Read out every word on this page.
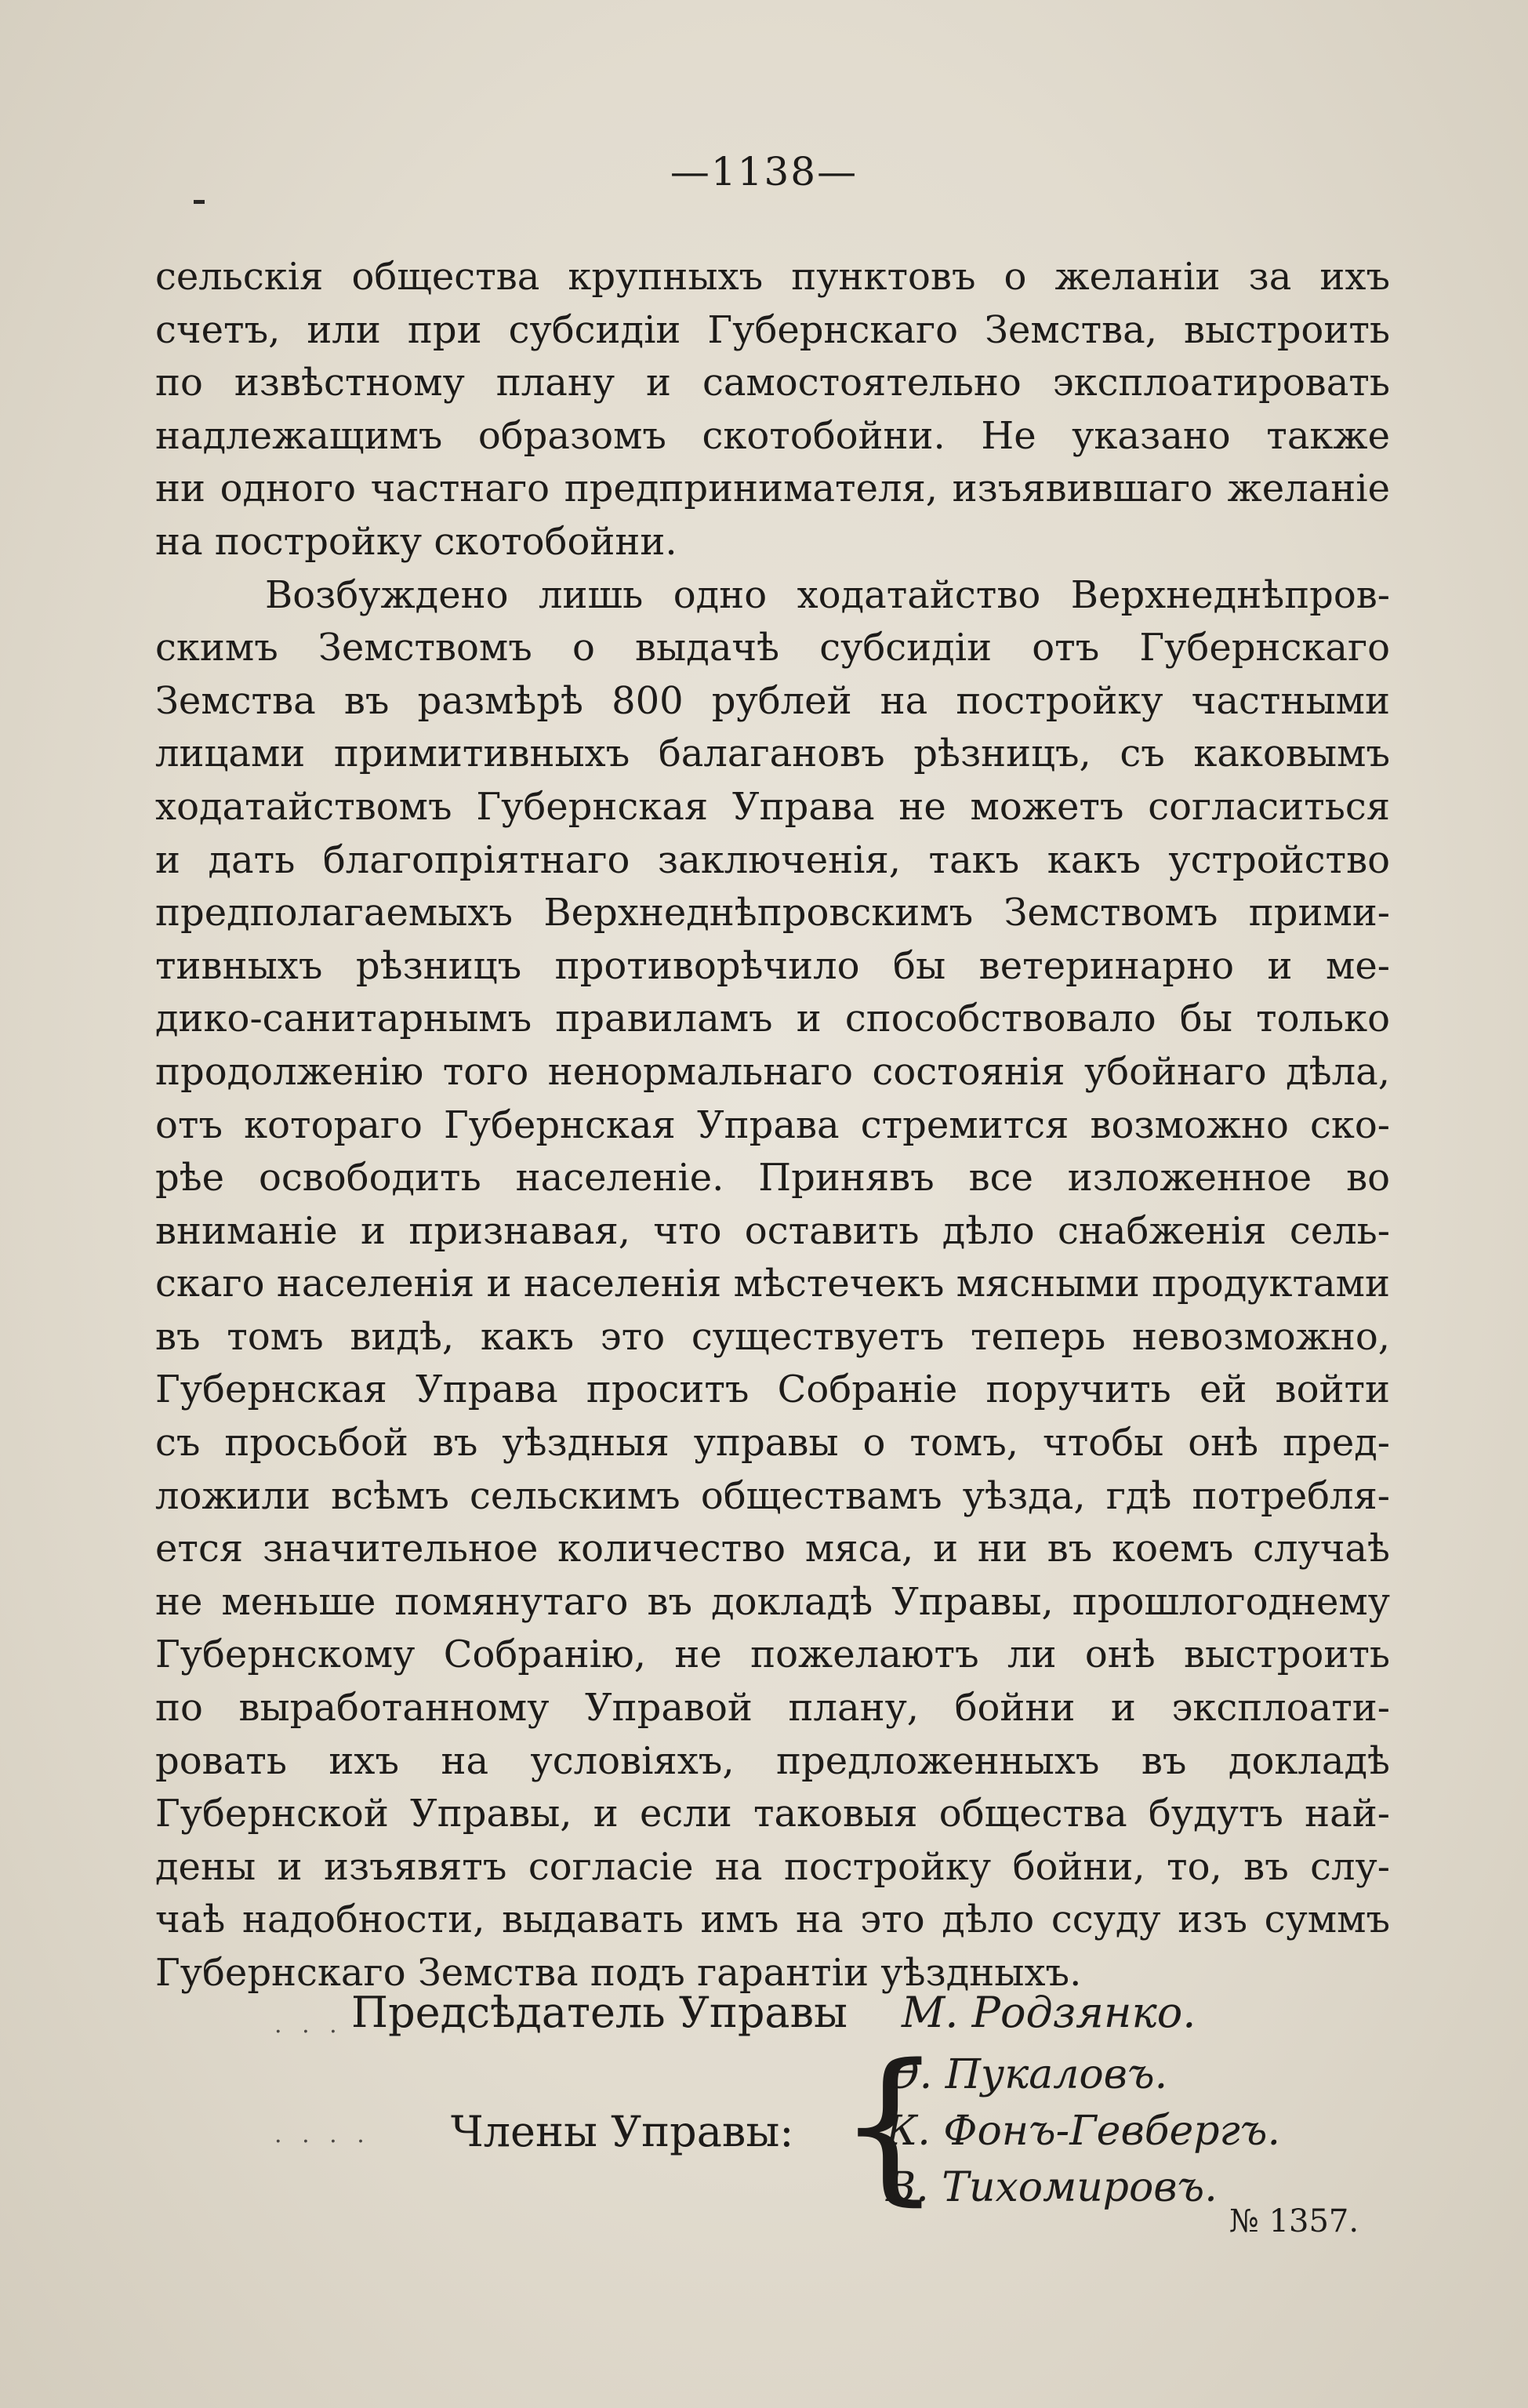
—1138—
сельскія общества крупныхъ пунктовъ о желаніи за ихъ
счетъ, или при субсидіи Губернскаго Земства, выстроить
по извѣстному плану и самостоятельно эксплоатировать
надлежащимъ образомъ скотобойни. Не указано также
ни одного частнаго предпринимателя, изъявившаго желаніе
на постройку скотобойни.
Возбуждено лишь одно ходатайство Верхнеднѣпров-
скимъ Земствомъ о выдачѣ субсидіи отъ Губернскаго
Земства въ размѣрѣ 800 рублей на постройку частными
лицами примитивныхъ балагановъ рѣзницъ, съ каковымъ
ходатайствомъ Губернская Управа не можетъ согласиться
и дать благопріятнаго заключенія, такъ какъ устройство
предполагаемыхъ Верхнеднѣпровскимъ Земствомъ прими-
тивныхъ рѣзницъ противорѣчило бы ветеринарно и ме-
дико-санитарнымъ правиламъ и способствовало бы только
продолженію того ненормальнаго состоянія убойнаго дѣла,
отъ котораго Губернская Управа стремится возможно ско-
рѣе освободить населеніе. Принявъ все изложенное во
вниманіе и признавая, что оставить дѣло снабженія сель-
скаго населенія и населенія мѣстечекъ мясными продуктами
въ томъ видѣ, какъ это существуетъ теперь невозможно,
Губернская Управа проситъ Собраніе поручить ей войти
съ просьбой въ уѣздныя управы о томъ, чтобы онѣ пред-
ложили всѣмъ сельскимъ обществамъ уѣзда, гдѣ потребля-
ется значительное количество мяса, и ни въ коемъ случаѣ
не меньше помянутаго въ докладѣ Управы, прошлогоднему
Губернскому Собранію, не пожелаютъ ли онѣ выстроить
по выработанному Управой плану, бойни и эксплоати-
ровать ихъ на условіяхъ, предложенныхъ въ докладѣ
Губернской Управы, и если таковыя общества будутъ най-
дены и изъявятъ согласіе на постройку бойни, то, въ слу-
чаѣ надобности, выдавать имъ на это дѣло ссуду изъ суммъ
Губернскаго Земства подъ гарантіи уѣздныхъ.
. . . Предсѣдатель Управы М. Родзянко.
. . . . Члены Управы: {
Ѳ. Пукаловъ.
К. Фонъ-Гевбергъ.
В. Тихомировъ.
№ 1357.
